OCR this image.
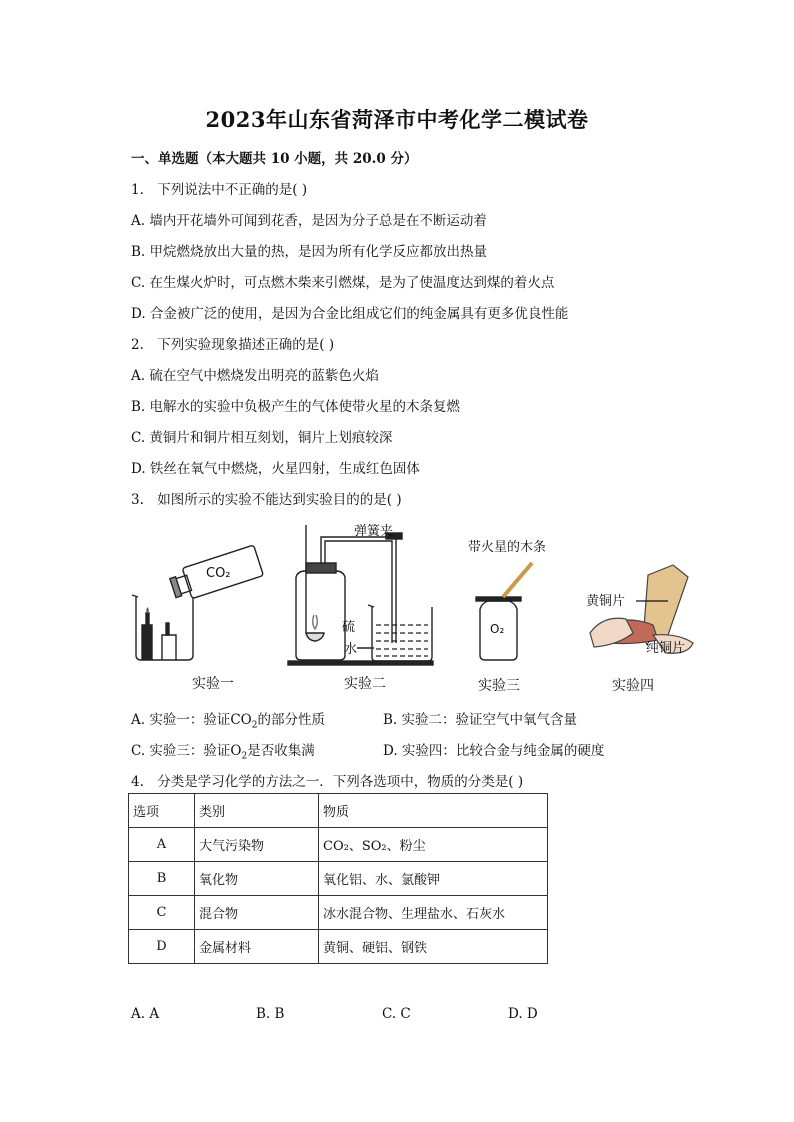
2023年山东省菏泽市中考化学二模试卷
一、单选题（本大题共 10 小题，共 20.0 分）
1. 下列说法中不正确的是( )
A. 墙内开花墙外可闻到花香，是因为分子总是在不断运动着
B. 甲烷燃烧放出大量的热，是因为所有化学反应都放出热量
C. 在生煤火炉时，可点燃木柴来引燃煤，是为了使温度达到煤的着火点
D. 合金被广泛的使用，是因为合金比组成它们的纯金属具有更多优良性能
2. 下列实验现象描述正确的是( )
A. 硫在空气中燃烧发出明亮的蓝紫色火焰
B. 电解水的实验中负极产生的气体使带火星的木条复燃
C. 黄铜片和铜片相互刻划，铜片上划痕较深
D. 铁丝在氧气中燃烧，火星四射，生成红色固体
3. 如图所示的实验不能达到实验目的的是( )
CO₂
弹簧夹
硫
水
带火星的木条
O₂
黄铜片
纯铜片
实验一	实验二	实验三	实验四
A. 实验一：验证$CO_2$的部分性质	B. 实验二：验证空气中氧气含量
C. 实验三：验证$O_2$是否收集满	D. 实验四：比较合金与纯金属的硬度
4. 分类是学习化学的方法之一．下列各选项中，物质的分类是( )
选项	类别	物质
A	大气污染物	CO₂、SO₂、粉尘
B	氧化物	氧化铝、水、氯酸钾
C	混合物	冰水混合物、生理盐水、石灰水
D	金属材料	黄铜、硬铝、钢铁
A. A	B. B	C. C	D. D
